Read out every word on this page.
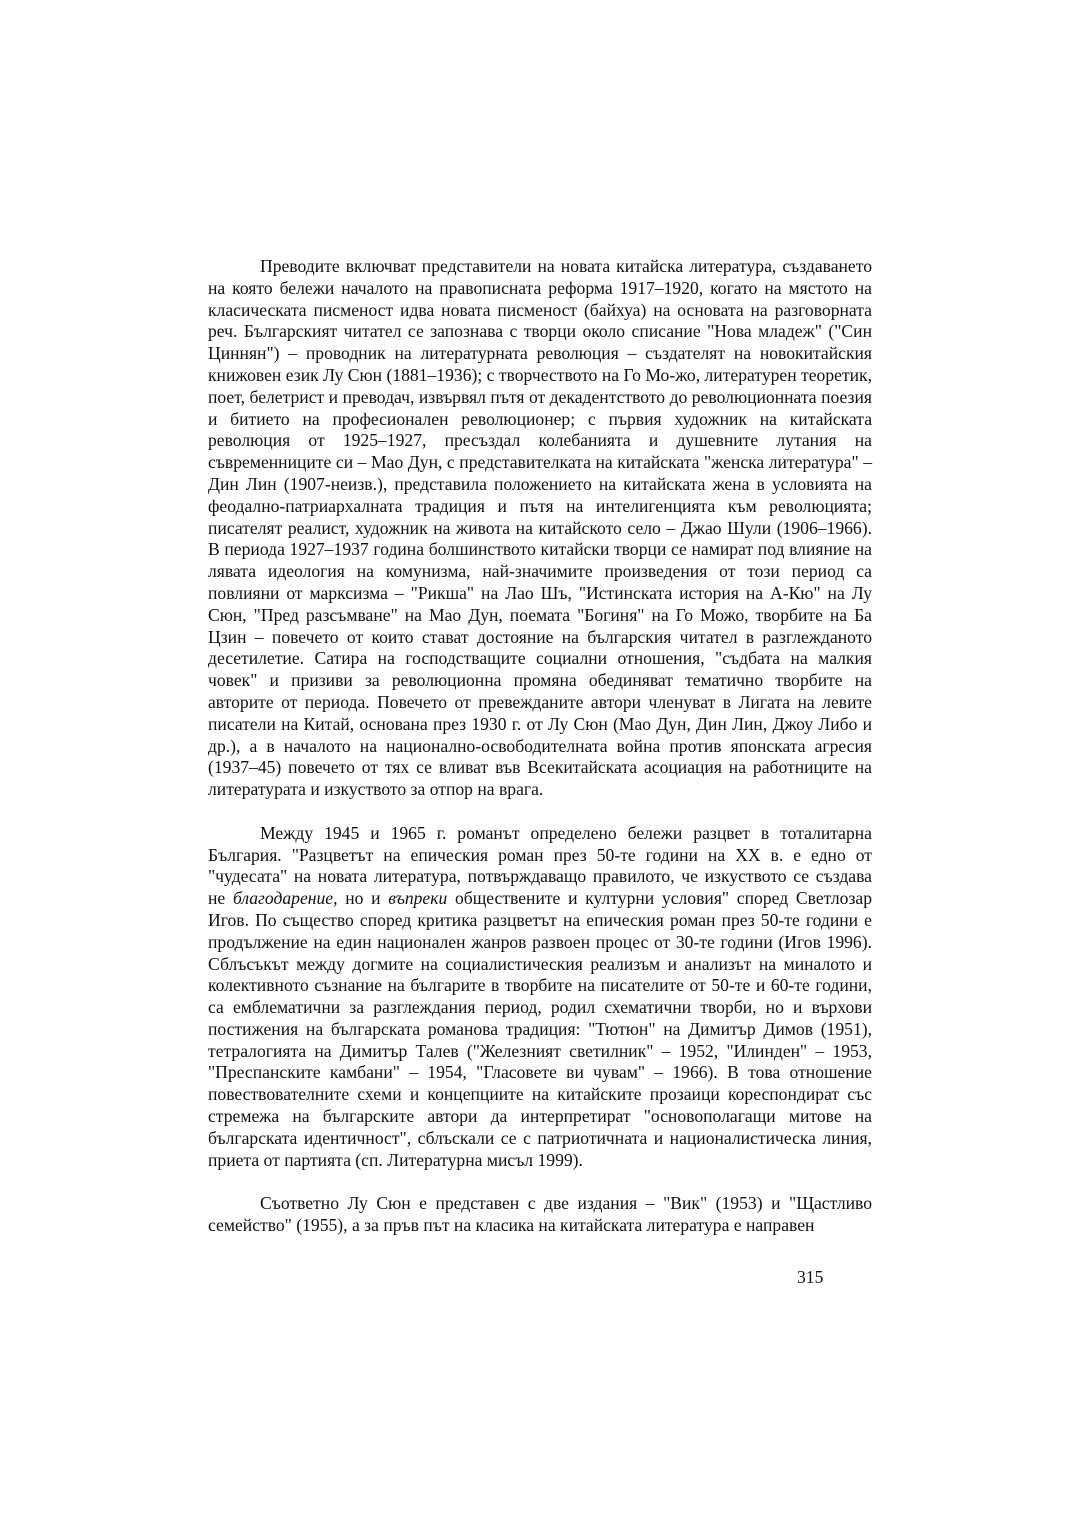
Преводите включват представители на новата китайска литература, създаването на която бележи началото на правописната реформа 1917–1920, когато на мястото на класическата писменост идва новата писменост (байхуа) на основата на разговорната реч. Българският читател се запознава с творци около списание "Нова младеж" ("Син Циннян") – проводник на литературната революция – създателят на новокитайския книжовен език Лу Сюн (1881–1936); с творчеството на Го Мо-жо, литературен теоретик, поет, белетрист и преводач, извървял пътя от декадентството до революционната поезия и битието на професионален революционер; с първия художник на китайската революция от 1925–1927, пресъздал колебанията и душевните лутания на съвременниците си – Мао Дун, с представителката на китайската "женска литература" – Дин Лин (1907-неизв.), представила положението на китайската жена в условията на феодално-патриархалната традиция и пътя на интелигенцията към революцията; писателят реалист, художник на живота на китайското село – Джао Шули (1906–1966). В периода 1927–1937 година болшинството китайски творци се намират под влияние на лявата идеология на комунизма, най-значимите произведения от този период са повлияни от марксизма – "Рикша" на Лао Шъ, "Истинската история на А-Кю" на Лу Сюн, "Пред разсъмване" на Мао Дун, поемата "Богиня" на Го Можо, творбите на Ба Цзин – повечето от които стават достояние на българския читател в разглежданото десетилетие. Сатира на господстващите социални отношения, "съдбата на малкия човек" и призиви за революционна промяна обединяват тематично творбите на авторите от периода. Повечето от превежданите автори членуват в Лигата на левите писатели на Китай, основана през 1930 г. от Лу Сюн (Мао Дун, Дин Лин, Джоу Либо и др.), а в началото на национално-освободителната война против японската агресия (1937–45) повечето от тях се вливат във Всекитайската асоциация на работниците на литературата и изкуството за отпор на врага.

Между 1945 и 1965 г. романът определено бележи разцвет в тоталитарна България. "Разцветът на епическия роман през 50-те години на XX в. е едно от "чудесата" на новата литература, потвърждаващо правилото, че изкуството се създава не благодарение, но и въпреки обществените и културни условия" според Светлозар Игов. По същество според критика разцветът на епическия роман през 50-те години е продължение на един национален жанров развоен процес от 30-те години (Игов 1996). Сблъсъкът между догмите на социалистическия реализъм и анализът на миналото и колективното съзнание на българите в творбите на писателите от 50-те и 60-те години, са емблематични за разглеждания период, родил схематични творби, но и върхови постижения на българската романова традиция: "Тютюн" на Димитър Димов (1951), тетралогията на Димитър Талев ("Железният светилник" – 1952, "Илинден" – 1953, "Преспанските камбани" – 1954, "Гласовете ви чувам" – 1966). В това отношение повествователните схеми и концепциите на китайските прозаици кореспондират със стремежа на българските автори да интерпретират "основополагащи митове на българската идентичност", сблъскали се с патриотичната и националистическа линия, приета от партията (сп. Литературна мисъл 1999).

Съответно Лу Сюн е представен с две издания – "Вик" (1953) и "Щастливо семейство" (1955), а за пръв път на класика на китайската литература е направен

315
